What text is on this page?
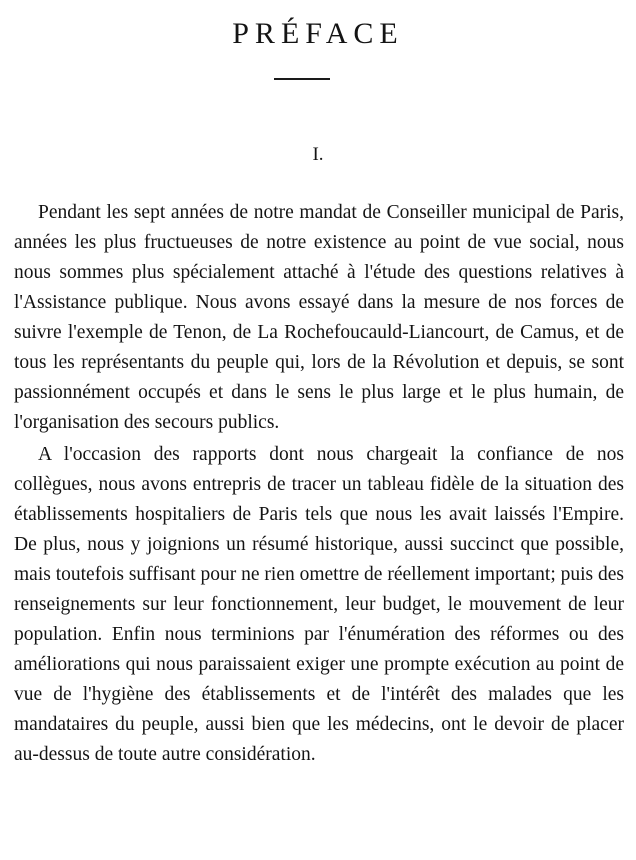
PRÉFACE
I.

Pendant les sept années de notre mandat de Conseiller municipal de Paris, années les plus fructueuses de notre existence au point de vue social, nous nous sommes plus spécialement attaché à l'étude des questions relatives à l'Assistance publique. Nous avons essayé dans la mesure de nos forces de suivre l'exemple de Tenon, de La Rochefoucauld-Liancourt, de Camus, et de tous les représentants du peuple qui, lors de la Révolution et depuis, se sont passionnément occupés et dans le sens le plus large et le plus humain, de l'organisation des secours publics.

A l'occasion des rapports dont nous chargeait la confiance de nos collègues, nous avons entrepris de tracer un tableau fidèle de la situation des établissements hospitaliers de Paris tels que nous les avait laissés l'Empire. De plus, nous y joignions un résumé historique, aussi succinct que possible, mais toutefois suffisant pour ne rien omettre de réellement important; puis des renseignements sur leur fonctionnement, leur budget, le mouvement de leur population. Enfin nous terminions par l'énumération des réformes ou des améliorations qui nous paraissaient exiger une prompte exécution au point de vue de l'hygiène des établissements et de l'intérêt des malades que les mandataires du peuple, aussi bien que les médecins, ont le devoir de placer au-dessus de toute autre considération.
